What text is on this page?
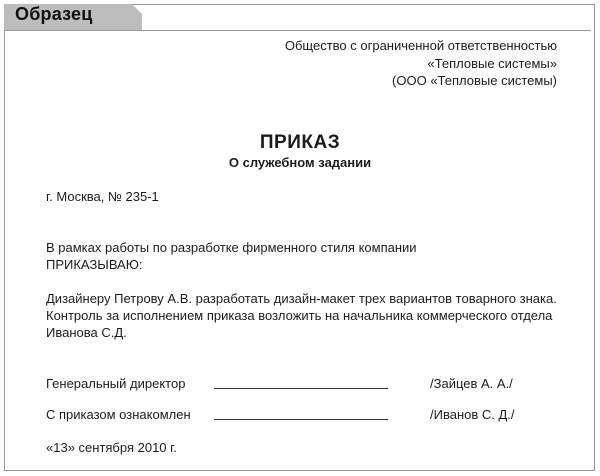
Образец
Общество с ограниченной ответственностью
«Тепловые системы»
(ООО «Тепловые системы)
ПРИКАЗ
О служебном задании
г. Москва, № 235-1
В рамках работы по разработке фирменного стиля компании
ПРИКАЗЫВАЮ:
Дизайнеру Петрову А.В. разработать дизайн-макет трех вариантов товарного знака.
Контроль за исполнением приказа возложить на начальника коммерческого отдела
Иванова С.Д.
Генеральный директор	/Зайцев А. А./
С приказом ознакомлен	/Иванов С. Д./
«13» сентября 2010 г.
